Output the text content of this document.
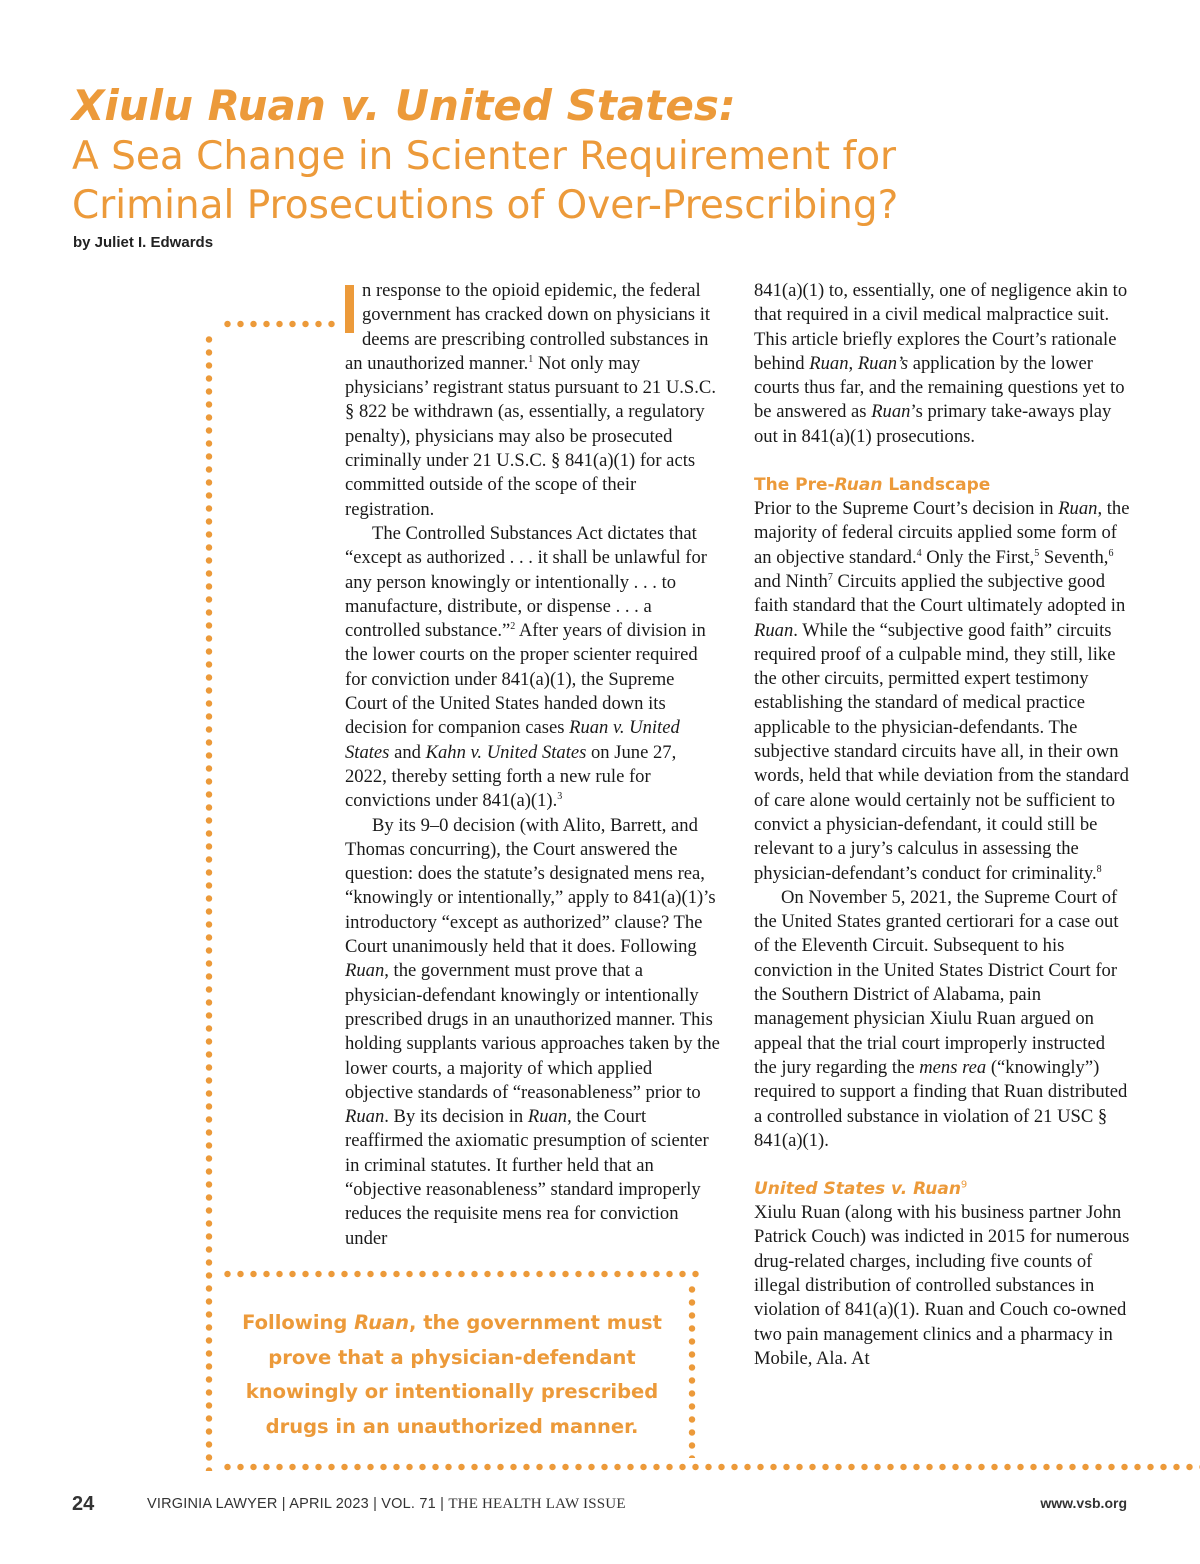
Xiulu Ruan v. United States:
A Sea Change in Scienter Requirement for
Criminal Prosecutions of Over-Prescribing?
by Juliet I. Edwards

n response to the opioid epidemic, the federal government has cracked down on physicians it deems are prescribing controlled substances in an unauthorized manner.$^1$ Not only may physicians’ registrant status pursuant to 21 U.S.C. § 822 be withdrawn (as, essentially, a regulatory penalty), physicians may also be prosecuted criminally under 21 U.S.C. § 841(a)(1) for acts committed outside of the scope of their registration.

The Controlled Substances Act dictates that “except as authorized . . . it shall be unlawful for any person knowingly or intentionally . . . to manufacture, distribute, or dispense . . . a controlled substance.”$^2$ After years of division in the lower courts on the proper scienter required for conviction under 841(a)(1), the Supreme Court of the United States handed down its decision for companion cases Ruan v. United States and Kahn v. United States on June 27, 2022, thereby setting forth a new rule for convictions under 841(a)(1).$^3$

By its 9–0 decision (with Alito, Barrett, and Thomas concurring), the Court answered the question: does the statute’s designated mens rea, “knowingly or intentionally,” apply to 841(a)(1)’s introductory “except as authorized” clause? The Court unanimously held that it does. Following Ruan, the government must prove that a physician-defendant knowingly or intentionally prescribed drugs in an unauthorized manner. This holding supplants various approaches taken by the lower courts, a majority of which applied objective standards of “reasonableness” prior to Ruan. By its decision in Ruan, the Court reaffirmed the axiomatic presumption of scienter in criminal statutes. It further held that an “objective reasonableness” standard improperly reduces the requisite mens rea for conviction under

841(a)(1) to, essentially, one of negligence akin to that required in a civil medical malpractice suit. This article briefly explores the Court’s rationale behind Ruan, Ruan’s application by the lower courts thus far, and the remaining questions yet to be answered as Ruan’s primary take-aways play out in 841(a)(1) prosecutions.

The Pre-Ruan Landscape

Prior to the Supreme Court’s decision in Ruan, the majority of federal circuits applied some form of an objective standard.$^4$ Only the First,$^5$ Seventh,$^6$ and Ninth$^7$ Circuits applied the subjective good faith standard that the Court ultimately adopted in Ruan. While the “subjective good faith” circuits required proof of a culpable mind, they still, like the other circuits, permitted expert testimony establishing the standard of medical practice applicable to the physician-defendants. The subjective standard circuits have all, in their own words, held that while deviation from the standard of care alone would certainly not be sufficient to convict a physician-defendant, it could still be relevant to a jury’s calculus in assessing the physician-defendant’s conduct for criminality.$^8$

On November 5, 2021, the Supreme Court of the United States granted certiorari for a case out of the Eleventh Circuit. Subsequent to his conviction in the United States District Court for the Southern District of Alabama, pain management physician Xiulu Ruan argued on appeal that the trial court improperly instructed the jury regarding the mens rea (“knowingly”) required to support a finding that Ruan distributed a controlled substance in violation of 21 USC § 841(a)(1).

United States v. Ruan$^9$

Xiulu Ruan (along with his business partner John Patrick Couch) was indicted in 2015 for numerous drug-related charges, including five counts of illegal distribution of controlled substances in violation of 841(a)(1). Ruan and Couch co-owned two pain management clinics and a pharmacy in Mobile, Ala. At

Following Ruan, the government must prove that a physician-defendant knowingly or intentionally prescribed drugs in an unauthorized manner.
24	VIRGINIA LAWYER | APRIL 2023 | VOL. 71 | THE HEALTH LAW ISSUE	www.vsb.org
